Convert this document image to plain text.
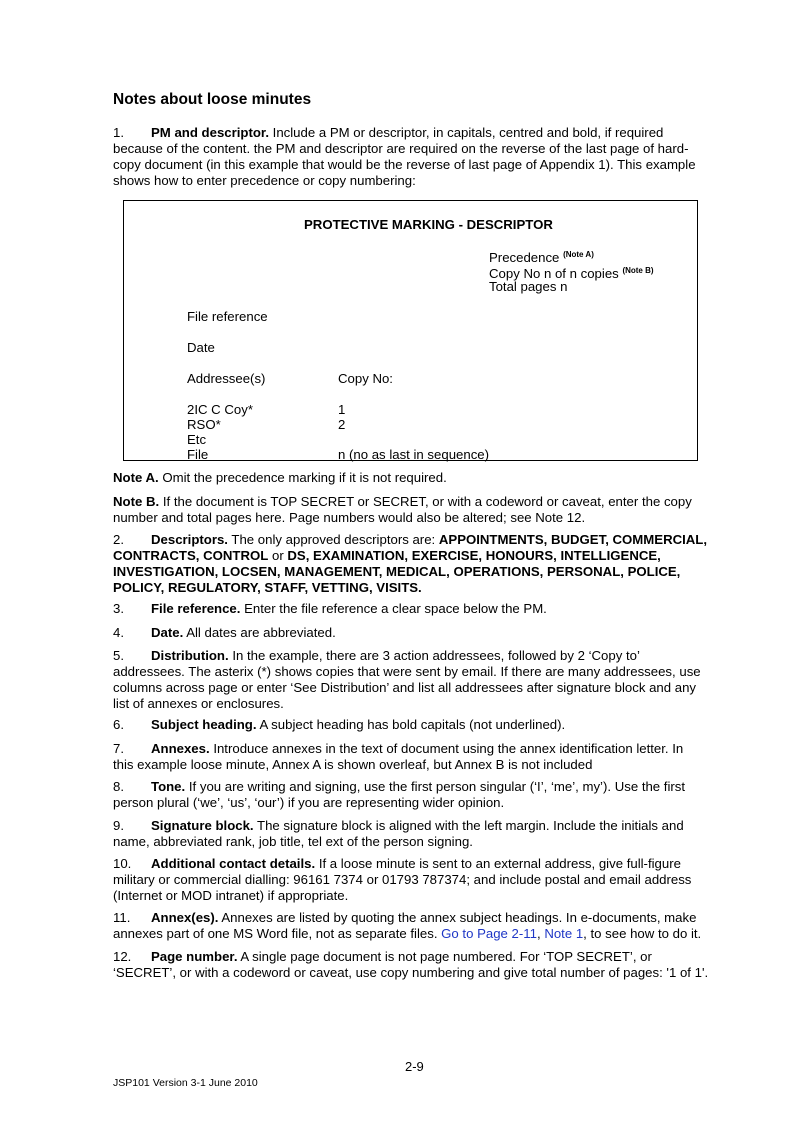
Notes about loose minutes
1. PM and descriptor. Include a PM or descriptor, in capitals, centred and bold, if required
because of the content. the PM and descriptor are required on the reverse of the last page of hard-
copy document (in this example that would be the reverse of last page of Appendix 1). This example
shows how to enter precedence or copy numbering:
PROTECTIVE MARKING - DESCRIPTOR
Precedence $^{(Note A)}$
Copy No n of n copies $^{(Note B)}$
Total pages n
File reference
Date
Addressee(s)	Copy No:
2IC C Coy*	1
RSO*	2
Etc
File	n (no as last in sequence)
Note A. Omit the precedence marking if it is not required.
Note B. If the document is TOP SECRET or SECRET, or with a codeword or caveat, enter the copy
number and total pages here. Page numbers would also be altered; see Note 12.
2. Descriptors. The only approved descriptors are: APPOINTMENTS, BUDGET, COMMERCIAL,
CONTRACTS, CONTROL or DS, EXAMINATION, EXERCISE, HONOURS, INTELLIGENCE,
INVESTIGATION, LOCSEN, MANAGEMENT, MEDICAL, OPERATIONS, PERSONAL, POLICE,
POLICY, REGULATORY, STAFF, VETTING, VISITS.
3. File reference. Enter the file reference a clear space below the PM.
4. Date. All dates are abbreviated.
5. Distribution. In the example, there are 3 action addressees, followed by 2 ‘Copy to’
addressees. The asterix (*) shows copies that were sent by email. If there are many addressees, use
columns across page or enter ‘See Distribution’ and list all addressees after signature block and any
list of annexes or enclosures.
6. Subject heading. A subject heading has bold capitals (not underlined).
7. Annexes. Introduce annexes in the text of document using the annex identification letter. In
this example loose minute, Annex A is shown overleaf, but Annex B is not included
8. Tone. If you are writing and signing, use the first person singular (‘I’, ‘me’, my’). Use the first
person plural (‘we’, ‘us’, ‘our’) if you are representing wider opinion.
9. Signature block. The signature block is aligned with the left margin. Include the initials and
name, abbreviated rank, job title, tel ext of the person signing.
10. Additional contact details. If a loose minute is sent to an external address, give full-figure
military or commercial dialling: 96161 7374 or 01793 787374; and include postal and email address
(Internet or MOD intranet) if appropriate.
11. Annex(es). Annexes are listed by quoting the annex subject headings. In e-documents, make
annexes part of one MS Word file, not as separate files. Go to Page 2-11, Note 1, to see how to do it.
12. Page number. A single page document is not page numbered. For ‘TOP SECRET’, or
‘SECRET’, or with a codeword or caveat, use copy numbering and give total number of pages: '1 of 1'.
2-9
JSP101 Version 3-1 June 2010
